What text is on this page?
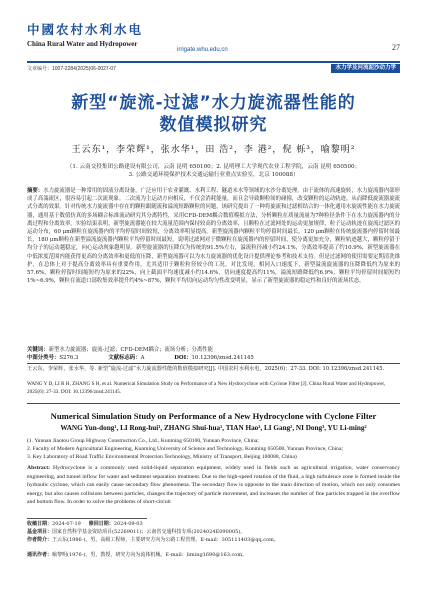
中國农村水利水电
China Rural Water and Hydropower
irrigate.whu.edu.cn	27
文章编号：1007-2284(2025)06-0027-07	水力学及河流泥沙动力学
新型“旋流-过滤”水力旋流器性能的
数值模拟研究
王云东¹，李荣辉¹，张水华¹，田 浩²，李 港²，倪 栎³，喻黎明²
（1. 云南交投集团公路建设有限公司，云南 昆明 650100；2. 昆明理工大学现代农业工程学院，云南 昆明 650500；
3. 公路交通环境保护技术交通运输行业重点实验室，北京 100088）

摘要：水力旋流器是一种常用的固液分离设备，广泛应用于农业灌溉、水利工程、隧道未水等领域的水沙分离处理。由于流体的高速旋转，水力旋流器内部形成了高湍流区，很容易引起二次流现象。二次流为主运动方向相反，不仅会消耗能量，而且会导致颗粒间的碰撞，改变颗粒的运动轨迹，从而降低旋流器旋流式分离的效果。针对传统水力旋流器中存在的颗粒跟随流和溢流短路颗粒的问题，该研究提出了一种将旋流和过滤相结合的一体化通用水旋流性能在水力旋流器，通用基于数值仿真的多场耦合标准流动研究其分离特性，采用CFD-DEM耦合数值模拟方法，分析颗粒在质量流量为7种粒径条件下在水力旋流器内的分离过程和分离效率。实验结果表明，新型旋流器能在较大流量范围内保持较高的分离效率，且颗粒在过滤网处的运动更加规律，粒子运动轨迹在旋流过滤区的运动分布，60 μm颗粒在旋流器内的平均停留时间较短，分离效率明显提高。新型旋流器内颗粒平均停留时间最长，120 μm颗粒在传统旋流器内停留时间最长，180 μm颗粒在新型溢流旋流器内颗粒平均停留时间最短。说明过滤网对于微颗粒在旋流器内的停留时间，使分离更加充分，颗粒轨迹越大，颗粒停留于均分子的运动越稳定，向心运动现象越明显。新型旋流器的压降仅为传统的91.5%左右，溢流粒径减小约24.1%，分离效率提高了约10.9%，新型旋流器在中低浓度范围内能获得更高的分离效率和更低的压降，新型旋流器可以为水力旋流器的优化设计提供理论参考和技术支持。但是过滤网的使用需要定期清洗维护，在总体上对于提高分离效率具有重要作用，尤其适用于颗粒粒径较小的工况。对比发现，相同入口速度下，新型溢流旋流器的压降降低约为原来的57.6%，颗粒停留时间缩短约为原来的22%，向上截面平均速度减小约14.6%，切向速度提高约11%，溢流短路降低约6.9%，颗粒平均停留时间缩短约1%~6.9%，颗粒在流道口部收集效率提升约4%~87%，颗粒平均切向运动均匀性改变明显，显示了新型旋流器的稳定性和良好的流场状态。

关键词：新型水力旋流器；旋流-过滤；CFD-DEM耦合；流场分析；分离性能
中图分类号：S276.3	文献标志码：A	DOI：10.12396/znsd.241145
王云东，李荣辉，张水华，等. 新型“旋流-过滤”水力旋流器性能的数值模拟研究[J]. 中国农村水利水电，2025(6)：27-33. DOI: 10.12396/znsd.241145.
WANG Y D, LI R H, ZHANG S H, et al. Numerical Simulation Study on Performance of a New Hydrocyclone with Cyclone Filter [J]. China Rural Water and Hydropower, 2025(6): 27-33. DOI: 10.12396/znsd.241145.
Numerical Simulation Study on Performance of a New Hydrocyclone with Cyclone Filter
WANG Yun-dong¹, LI Rong-hui¹, ZHANG Shui-hua¹, TIAN Hao², LI Gang², NI Dong³, YU Li-ming²
(1. Yunnan Jiaotou Group Highway Construction Co., Ltd., Kunming 650100, Yunnan Province, China;
2. Faculty of Modern Agricultural Engineering, Kunming University of Science and Technology, Kunming 650500, Yunnan Province, China;
3. Key Laboratory of Road Traffic Environmental Protection Technology, Ministry of Transport, Beijing 100088, China)
Abstract: Hydrocyclone is a commonly used solid-liquid separation equipment, widely used in fields such as agricultural irrigation, water conservancy engineering, and tunnel inflow for water and sediment separation treatment. Due to the high-speed rotation of the fluid, a high turbulence zone is formed inside the hydraulic cyclone, which can easily cause secondary flow phenomena. The secondary flow is opposite to the main direction of motion, which not only consumes energy, but also causes collisions between particles, changes the trajectory of particle movement, and increases the number of fine particles trapped in the overflow and bottom flow. In order to solve the problems of short-circuit
收稿日期：2024-07-19 修回日期：2024-09-03
基金项目：国家自然科学基金资助项目(52269011)；云南省交通科技专项(2024024E090005)。
作者简介：王云东(1986-)，男，高级工程师，主要研究方向为公路工程管理。E-mail：305111403@qq.com。
通讯作者：喻黎明(1976-)，男，教授，研究方向为流体机械。E-mail：liming1690@163.com。
